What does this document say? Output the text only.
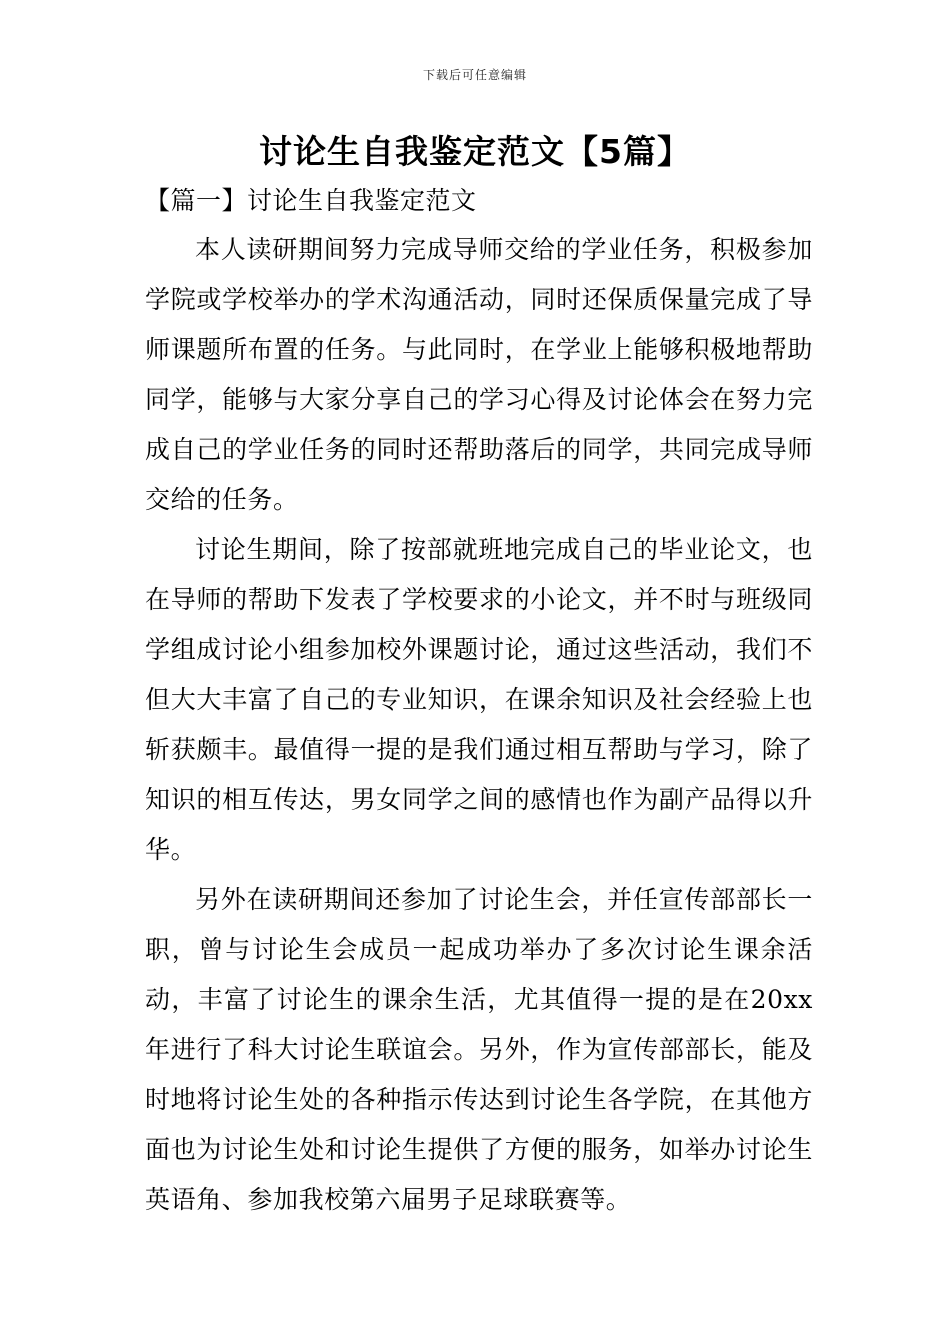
下载后可任意编辑
讨论生自我鉴定范文【5篇】
【篇一】讨论生自我鉴定范文

本人读研期间努力完成导师交给的学业任务，积极参加学院或学校举办的学术沟通活动，同时还保质保量完成了导师课题所布置的任务。与此同时，在学业上能够积极地帮助同学，能够与大家分享自己的学习心得及讨论体会在努力完成自己的学业任务的同时还帮助落后的同学，共同完成导师交给的任务。

讨论生期间，除了按部就班地完成自己的毕业论文，也在导师的帮助下发表了学校要求的小论文，并不时与班级同学组成讨论小组参加校外课题讨论，通过这些活动，我们不但大大丰富了自己的专业知识，在课余知识及社会经验上也斩获颇丰。最值得一提的是我们通过相互帮助与学习，除了知识的相互传达，男女同学之间的感情也作为副产品得以升华。

另外在读研期间还参加了讨论生会，并任宣传部部长一职，曾与讨论生会成员一起成功举办了多次讨论生课余活动，丰富了讨论生的课余生活，尤其值得一提的是在20xx年进行了科大讨论生联谊会。另外，作为宣传部部长，能及时地将讨论生处的各种指示传达到讨论生各学院，在其他方面也为讨论生处和讨论生提供了方便的服务，如举办讨论生英语角、参加我校第六届男子足球联赛等。
